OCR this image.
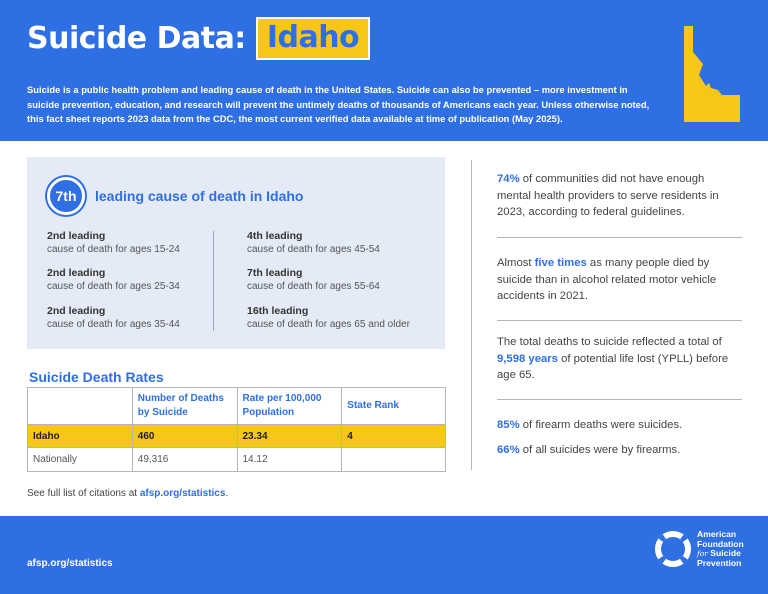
Suicide Data: Idaho

Suicide is a public health problem and leading cause of death in the United States. Suicide can also be prevented – more investment in suicide prevention, education, and research will prevent the untimely deaths of thousands of Americans each year. Unless otherwise noted, this fact sheet reports 2023 data from the CDC, the most current verified data available at time of publication (May 2025).

7th	leading cause of death in Idaho
2nd leading
cause of death for ages 15-24
2nd leading
cause of death for ages 25-34
2nd leading
cause of death for ages 35-44
4th leading
cause of death for ages 45-54
7th leading
cause of death for ages 55-64
16th leading
cause of death for ages 65 and older
Suicide Death Rates
	Number of Deaths by Suicide	Rate per 100,000 Population	State Rank
Idaho	460	23.34	4
Nationally	49,316	14.12	
See full list of citations at afsp.org/statistics.

74% of communities did not have enough mental health providers to serve residents in 2023, according to federal guidelines.

Almost five times as many people died by suicide than in alcohol related motor vehicle accidents in 2021.

The total deaths to suicide reflected a total of 9,598 years of potential life lost (YPLL) before age 65.

85% of firearm deaths were suicides.

66% of all suicides were by firearms.

afsp.org/statistics
American
Foundation
for Suicide
Prevention
